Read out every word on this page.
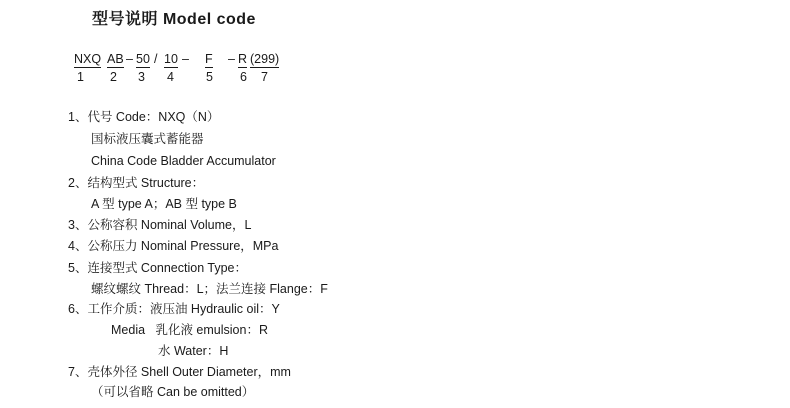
型号说明 Model code
NXQ AB – 50 / 10 – F – R (299)
1 2 3 4	5 6 7
1、代号 Code：NXQ（N）
国标液压囊式蓄能器
China Code Bladder Accumulator
2、结构型式 Structure：
A 型 type A；AB 型 type B
3、公称容积 Nominal Volume，L
4、公称压力 Nominal Pressure，MPa
5、连接型式 Connection Type：
螺纹螺纹 Thread：L；法兰连接 Flange：F
6、工作介质：液压油 Hydraulic oil：Y
Media   乳化液 emulsion：R
水 Water：H
7、壳体外径 Shell Outer Diameter，mm
（可以省略 Can be omitted）
